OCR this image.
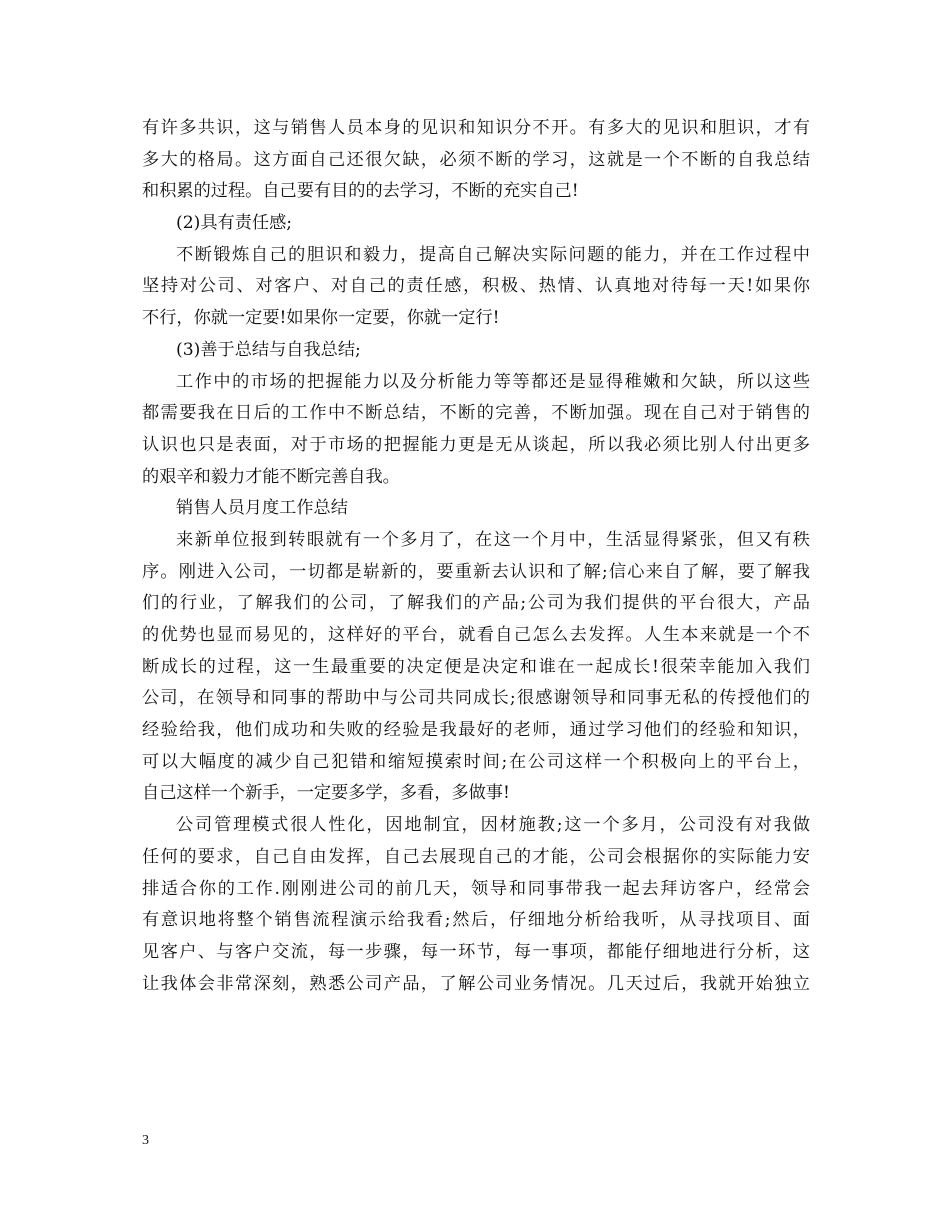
有许多共识，这与销售人员本身的见识和知识分不开。有多大的见识和胆识，才有
多大的格局。这方面自己还很欠缺，必须不断的学习，这就是一个不断的自我总结
和积累的过程。自己要有目的的去学习，不断的充实自己!
(2)具有责任感;
不断锻炼自己的胆识和毅力，提高自己解决实际问题的能力，并在工作过程中
坚持对公司、对客户、对自己的责任感，积极、热情、认真地对待每一天!如果你
不行，你就一定要!如果你一定要，你就一定行!
(3)善于总结与自我总结;
工作中的市场的把握能力以及分析能力等等都还是显得稚嫩和欠缺，所以这些
都需要我在日后的工作中不断总结，不断的完善，不断加强。现在自己对于销售的
认识也只是表面，对于市场的把握能力更是无从谈起，所以我必须比别人付出更多
的艰辛和毅力才能不断完善自我。
销售人员月度工作总结
来新单位报到转眼就有一个多月了，在这一个月中，生活显得紧张，但又有秩
序。刚进入公司，一切都是崭新的，要重新去认识和了解;信心来自了解，要了解我
们的行业，了解我们的公司，了解我们的产品;公司为我们提供的平台很大，产品
的优势也显而易见的，这样好的平台，就看自己怎么去发挥。人生本来就是一个不
断成长的过程，这一生最重要的决定便是决定和谁在一起成长!很荣幸能加入我们
公司，在领导和同事的帮助中与公司共同成长;很感谢领导和同事无私的传授他们的
经验给我，他们成功和失败的经验是我最好的老师，通过学习他们的经验和知识，
可以大幅度的减少自己犯错和缩短摸索时间;在公司这样一个积极向上的平台上，
自己这样一个新手，一定要多学，多看，多做事!
公司管理模式很人性化，因地制宜，因材施教;这一个多月，公司没有对我做
任何的要求，自己自由发挥，自己去展现自己的才能，公司会根据你的实际能力安
排适合你的工作.刚刚进公司的前几天，领导和同事带我一起去拜访客户，经常会
有意识地将整个销售流程演示给我看;然后，仔细地分析给我听，从寻找项目、面
见客户、与客户交流，每一步骤，每一环节，每一事项，都能仔细地进行分析，这
让我体会非常深刻，熟悉公司产品，了解公司业务情况。几天过后，我就开始独立
3
